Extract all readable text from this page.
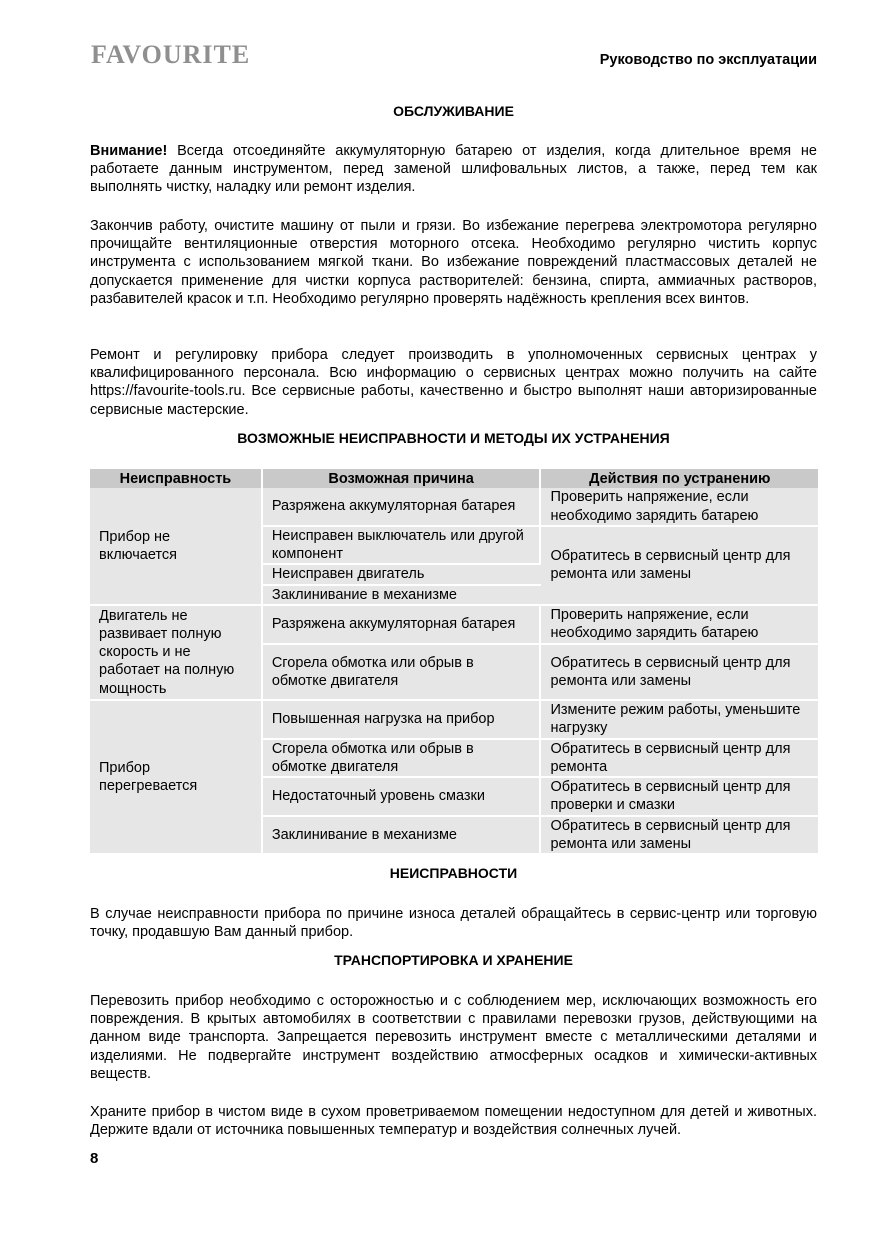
FAVOURITE	Руководство по эксплуатации
ОБСЛУЖИВАНИЕ
Внимание! Всегда отсоединяйте аккумуляторную батарею от изделия, когда длительное время не работаете данным инструментом, перед заменой шлифовальных листов, а также, перед тем как выполнять чистку, наладку или ремонт изделия.
Закончив работу, очистите машину от пыли и грязи. Во избежание перегрева электромотора регулярно прочищайте вентиляционные отверстия моторного отсека. Необходимо регулярно чистить корпус инструмента с использованием мягкой ткани. Во избежание повреждений пластмассовых деталей не допускается применение для чистки корпуса растворителей: бензина, спирта, аммиачных растворов, разбавителей красок и т.п. Необходимо регулярно проверять надёжность крепления всех винтов.
Ремонт и регулировку прибора следует производить в уполномоченных сервисных центрах у квалифицированного персонала. Всю информацию о сервисных центрах можно получить на сайте https://favourite-tools.ru. Все сервисные работы, качественно и быстро выполнят наши авторизированные сервисные мастерские.
ВОЗМОЖНЫЕ НЕИСПРАВНОСТИ И МЕТОДЫ ИХ УСТРАНЕНИЯ
Неисправность	Возможная причина	Действия по устранению
Прибор не включается	Разряжена аккумуляторная батарея	Проверить напряжение, если необходимо зарядить батарею
	Неисправен выключатель или другой компонент	Обратитесь в сервисный центр для ремонта или замены
	Неисправен двигатель	
	Заклинивание в механизме	
Двигатель не развивает полную скорость и не работает на полную мощность	Разряжена аккумуляторная батарея	Проверить напряжение, если необходимо зарядить батарею
	Сгорела обмотка или обрыв в обмотке двигателя	Обратитесь в сервисный центр для ремонта или замены
Прибор перегревается	Повышенная нагрузка на прибор	Измените режим работы, уменьшите нагрузку
	Сгорела обмотка или обрыв в обмотке двигателя	Обратитесь в сервисный центр для ремонта
	Недостаточный уровень смазки	Обратитесь в сервисный центр для проверки и смазки
	Заклинивание в механизме	Обратитесь в сервисный центр для ремонта или замены
НЕИСПРАВНОСТИ
В случае неисправности прибора по причине износа деталей обращайтесь в сервис-центр или торговую точку, продавшую Вам данный прибор.
ТРАНСПОРТИРОВКА И ХРАНЕНИЕ
Перевозить прибор необходимо с осторожностью и с соблюдением мер, исключающих возможность его повреждения. В крытых автомобилях в соответствии с правилами перевозки грузов, действующими на данном виде транспорта. Запрещается перевозить инструмент вместе с металлическими деталями и изделиями. Не подвергайте инструмент воздействию атмосферных осадков и химически-активных веществ.
Храните прибор в чистом виде в сухом проветриваемом помещении недоступном для детей и животных. Держите вдали от источника повышенных температур и воздействия солнечных лучей.
8
